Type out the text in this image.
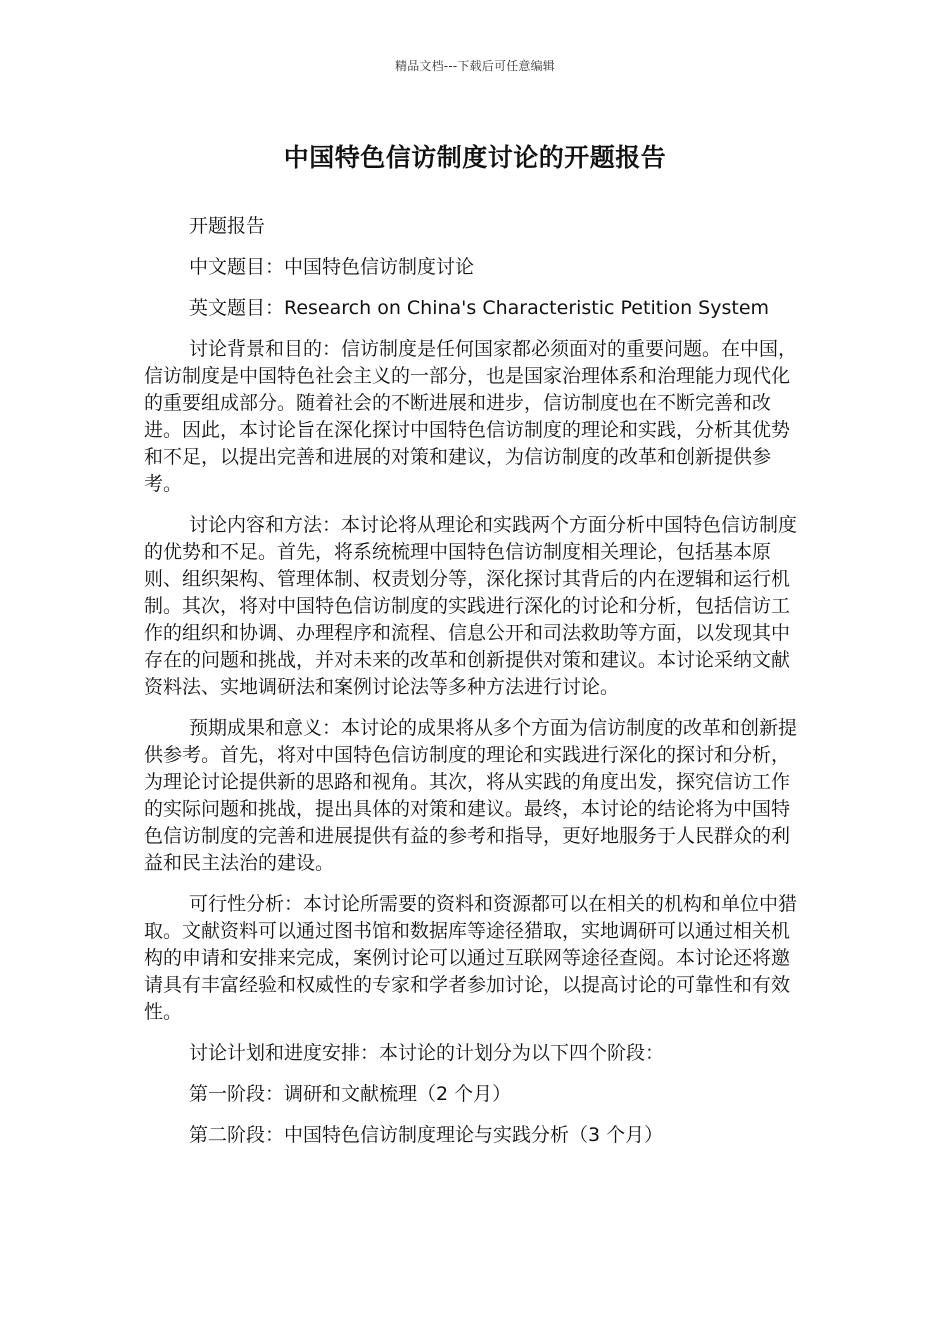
精品文档---下载后可任意编辑
中国特色信访制度讨论的开题报告

开题报告

中文题目：中国特色信访制度讨论

英文题目：Research on China's Characteristic Petition System

讨论背景和目的：信访制度是任何国家都必须面对的重要问题。在中国，信访制度是中国特色社会主义的一部分，也是国家治理体系和治理能力现代化的重要组成部分。随着社会的不断进展和进步，信访制度也在不断完善和改进。因此，本讨论旨在深化探讨中国特色信访制度的理论和实践，分析其优势和不足，以提出完善和进展的对策和建议，为信访制度的改革和创新提供参考。

讨论内容和方法：本讨论将从理论和实践两个方面分析中国特色信访制度的优势和不足。首先，将系统梳理中国特色信访制度相关理论，包括基本原则、组织架构、管理体制、权责划分等，深化探讨其背后的内在逻辑和运行机制。其次，将对中国特色信访制度的实践进行深化的讨论和分析，包括信访工作的组织和协调、办理程序和流程、信息公开和司法救助等方面，以发现其中存在的问题和挑战，并对未来的改革和创新提供对策和建议。本讨论采纳文献资料法、实地调研法和案例讨论法等多种方法进行讨论。

预期成果和意义：本讨论的成果将从多个方面为信访制度的改革和创新提供参考。首先，将对中国特色信访制度的理论和实践进行深化的探讨和分析，为理论讨论提供新的思路和视角。其次，将从实践的角度出发，探究信访工作的实际问题和挑战，提出具体的对策和建议。最终，本讨论的结论将为中国特色信访制度的完善和进展提供有益的参考和指导，更好地服务于人民群众的利益和民主法治的建设。

可行性分析：本讨论所需要的资料和资源都可以在相关的机构和单位中猎取。文献资料可以通过图书馆和数据库等途径猎取，实地调研可以通过相关机构的申请和安排来完成，案例讨论可以通过互联网等途径查阅。本讨论还将邀请具有丰富经验和权威性的专家和学者参加讨论，以提高讨论的可靠性和有效性。

讨论计划和进度安排：本讨论的计划分为以下四个阶段：

第一阶段：调研和文献梳理（2 个月）

第二阶段：中国特色信访制度理论与实践分析（3 个月）
